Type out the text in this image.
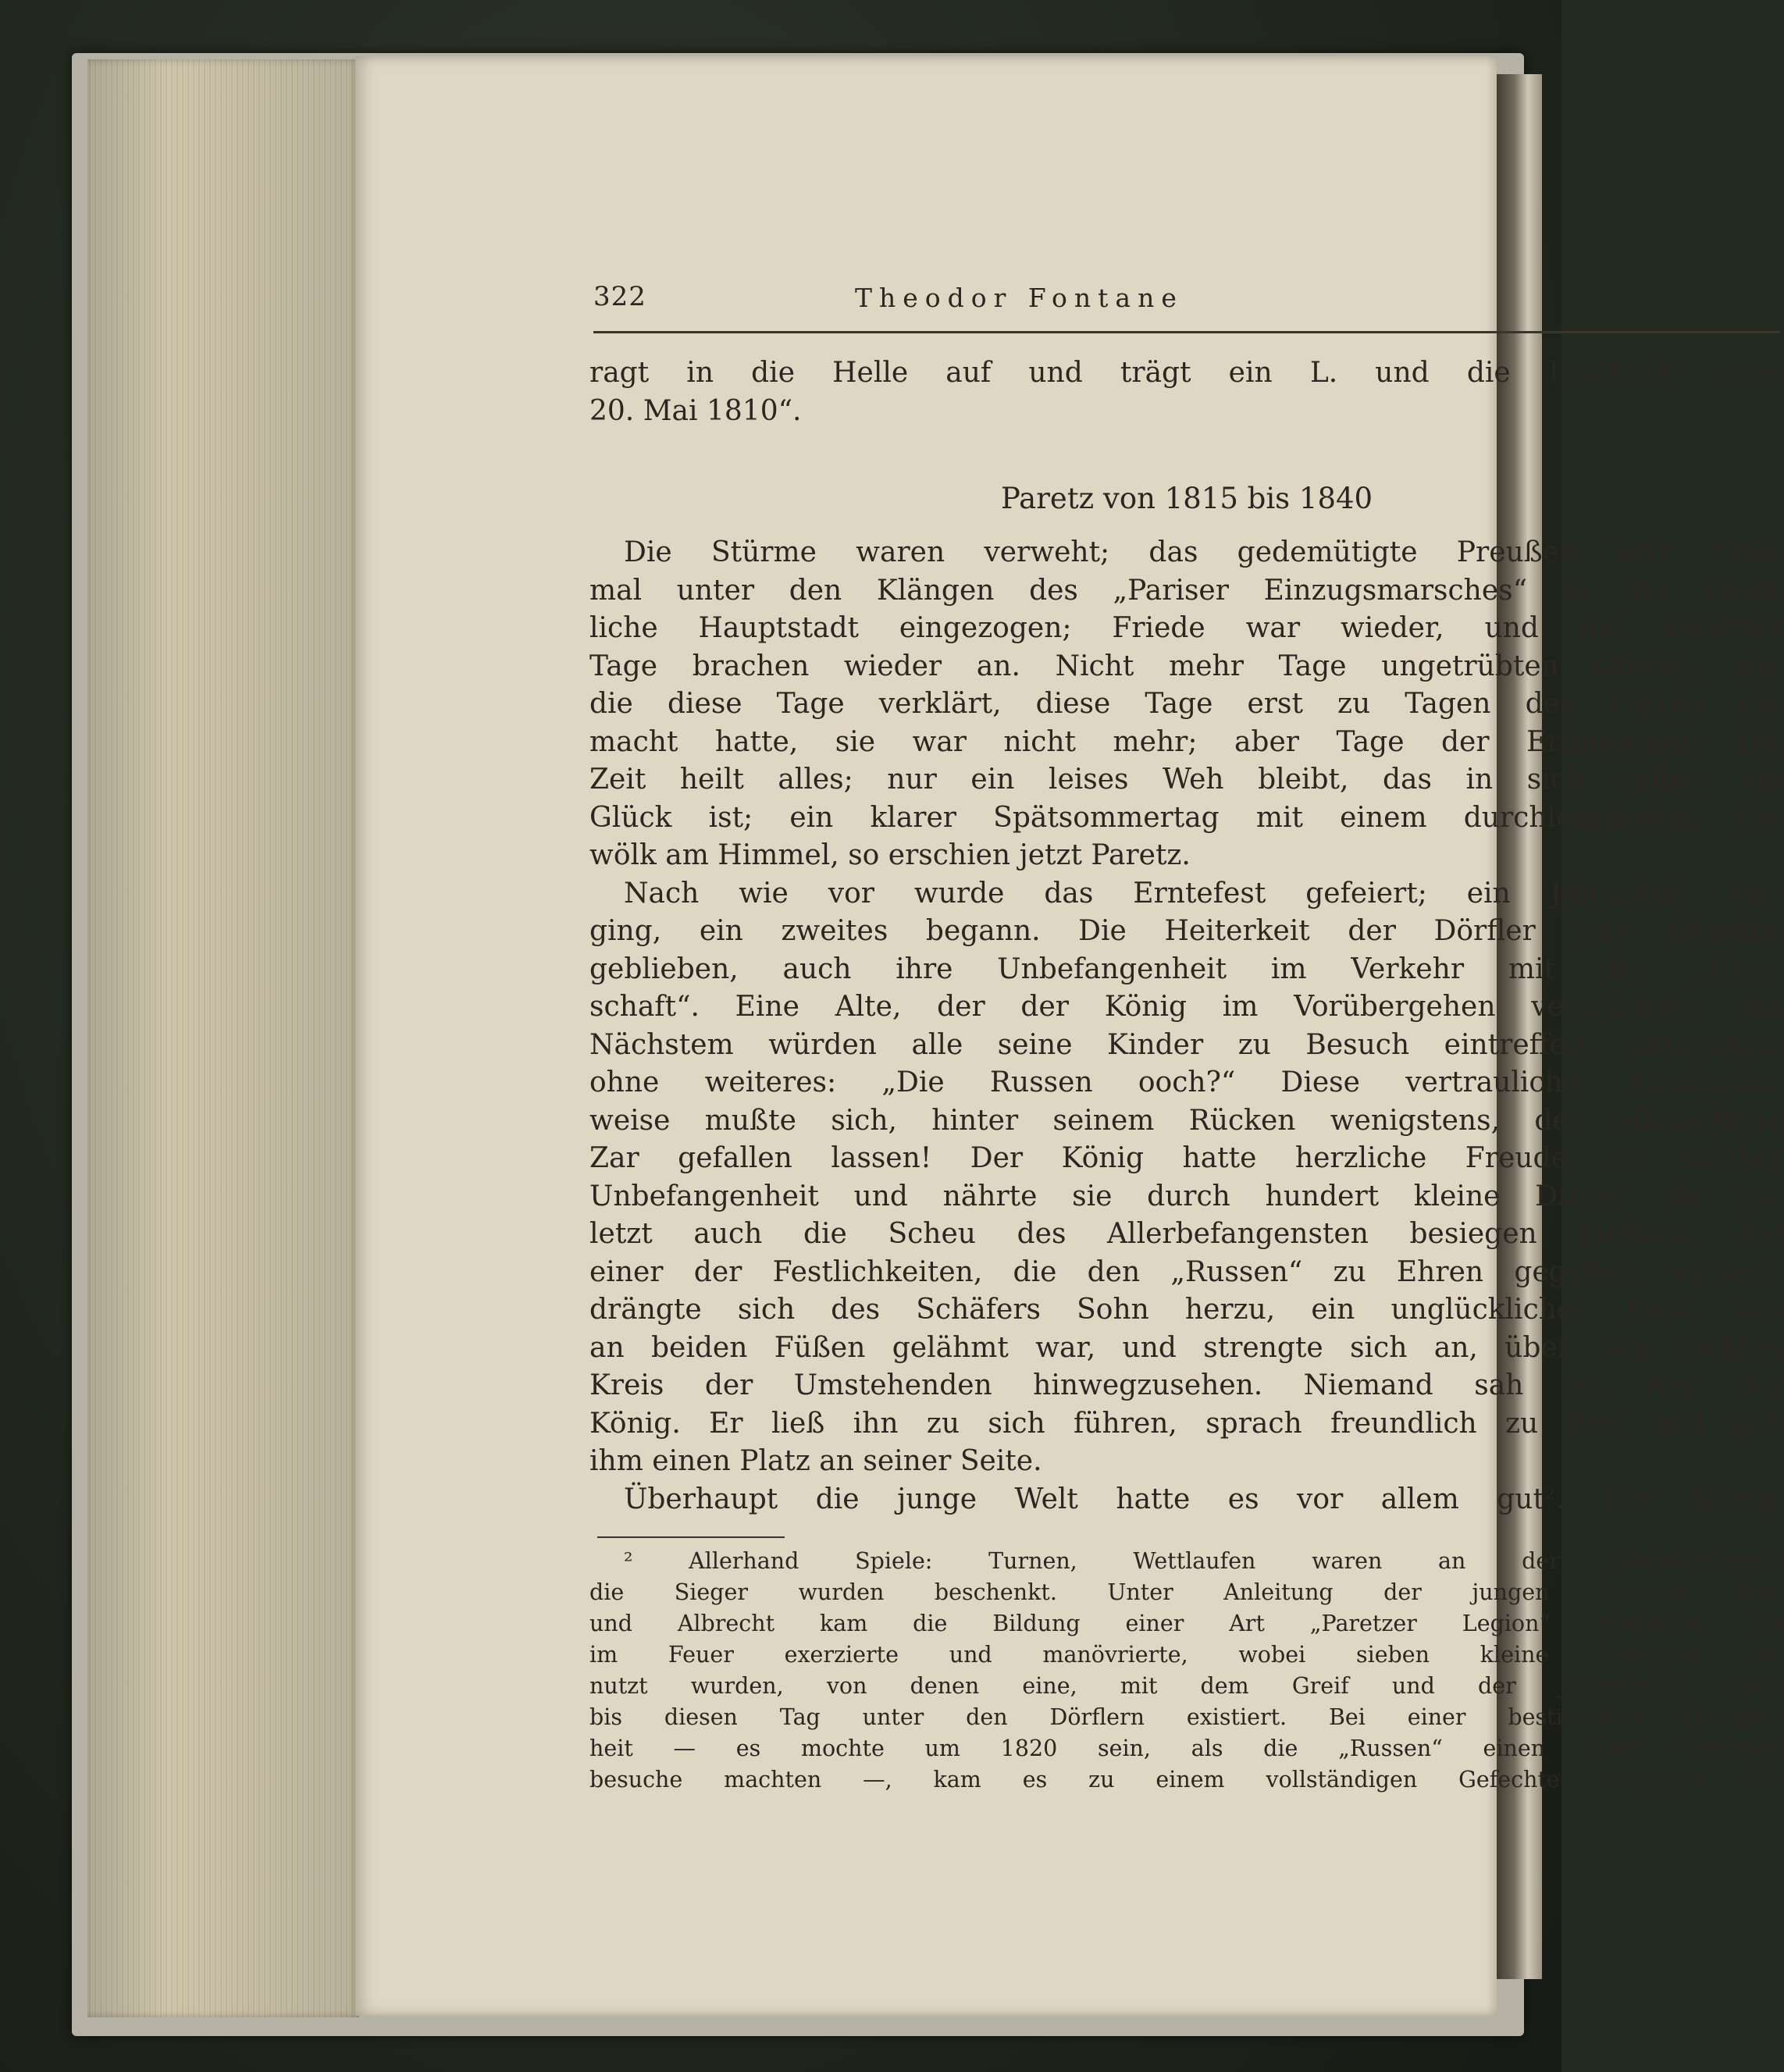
322	Theodor Fontane
ragt in die Helle auf und trägt ein L. und die Inschrift: „den
20. Mai 1810“.
Paretz von 1815 bis 1840
Die Stürme waren verweht; das gedemütigte Preußen war zwei-
mal unter den Klängen des „Pariser Einzugsmarsches“ in die feind-
liche Hauptstadt eingezogen; Friede war wieder, und die Paretzer
Tage brachen wieder an. Nicht mehr Tage ungetrübten Glücks; sie,
die diese Tage verklärt, diese Tage erst zu Tagen des Glücks ge-
macht hatte, sie war nicht mehr; aber Tage der Erinnerung. Die
Zeit heilt alles; nur ein leises Weh bleibt, das in sich selber ein
Glück ist; ein klarer Spätsommertag mit einem durchleuchteten Ge-
wölk am Himmel, so erschien jetzt Paretz.
Nach wie vor wurde das Erntefest gefeiert; ein Jahrzehnt ver-
ging, ein zweites begann. Die Heiterkeit der Dörfler war dieselbe
geblieben, auch ihre Unbefangenheit im Verkehr mit der „Herr-
schaft“. Eine Alte, der der König im Vorübergehen versicherte, mit
Nächstem würden alle seine Kinder zu Besuch eintreffen, antwortete
ohne weiteres: „Die Russen ooch?“ Diese vertrauliche Ausdrucks-
weise mußte sich, hinter seinem Rücken wenigstens, der allmächtige
Zar gefallen lassen! Der König hatte herzliche Freude an solcher
Unbefangenheit und nährte sie durch hundert kleine Dinge, die zu-
letzt auch die Scheu des Allerbefangensten besiegen mußten. Bei
einer der Festlichkeiten, die den „Russen“ zu Ehren gegeben wurden,
drängte sich des Schäfers Sohn herzu, ein unglückliches Kind, das
an beiden Füßen gelähmt war, und strengte sich an, über den dichten
Kreis der Umstehenden hinwegzusehen. Niemand sah es, nur der
König. Er ließ ihn zu sich führen, sprach freundlich zu ihm und gab
ihm einen Platz an seiner Seite.
Überhaupt die junge Welt hatte es vor allem gut². Der König,
² Allerhand Spiele: Turnen, Wettlaufen waren an der Tagesordnung;
die Sieger wurden beschenkt. Unter Anleitung der jungen Prinzen Karl
und Albrecht kam die Bildung einer Art „Paretzer Legion“ zustande, die
im Feuer exerzierte und manövrierte, wobei sieben kleine Kanonen be-
nutzt wurden, von denen eine, mit dem Greif und der Jahreszahl 1588,
bis diesen Tag unter den Dörflern existiert. Bei einer bestimmten Gelegen-
heit — es mochte um 1820 sein, als die „Russen“ einen ihrer Sommer-
besuche machten —, kam es zu einem vollständigen Gefechte zwischen der
